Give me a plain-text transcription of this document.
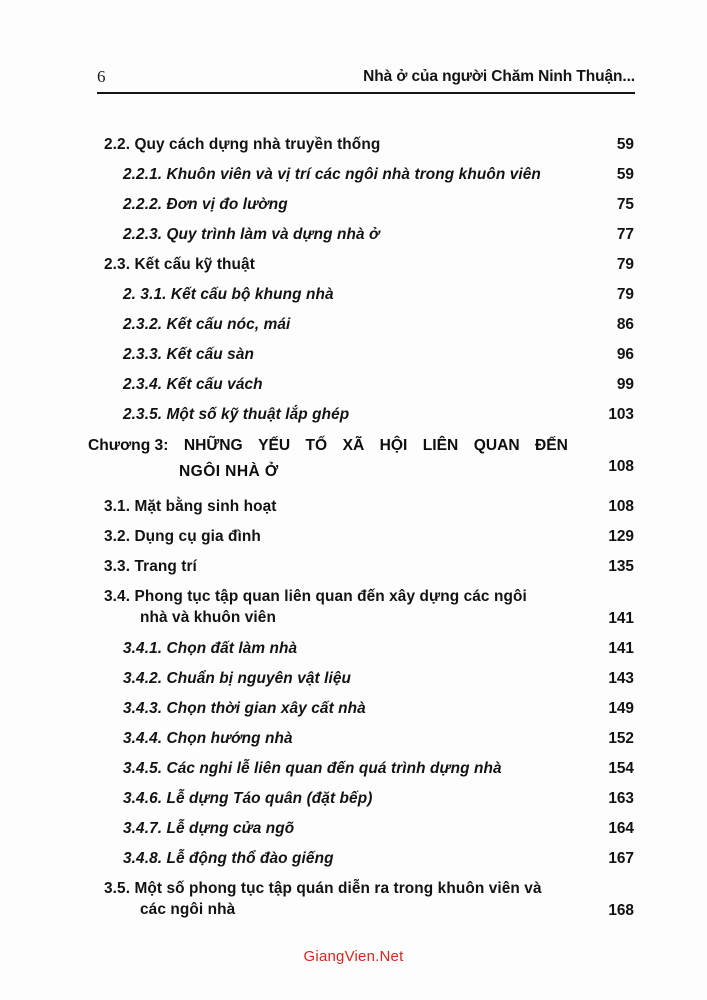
6	Nhà ở của người Chăm Ninh Thuận...
2.2. Quy cách dựng nhà truyền thống	59
2.2.1. Khuôn viên và vị trí các ngôi nhà trong khuôn viên	59
2.2.2. Đơn vị đo lường	75
2.2.3. Quy trình làm và dựng nhà ở	77
2.3. Kết cấu kỹ thuật	79
2. 3.1. Kết cấu bộ khung nhà	79
2.3.2. Kết cấu nóc, mái	86
2.3.3. Kết cấu sàn	96
2.3.4. Kết cấu vách	99
2.3.5. Một số kỹ thuật lắp ghép	103
Chương 3: NHỮNG YẾU TỐ XÃ HỘI LIÊN QUAN ĐẾN
NGÔI NHÀ Ở	108
3.1. Mặt bằng sinh hoạt	108
3.2. Dụng cụ gia đình	129
3.3. Trang trí	135
3.4. Phong tục tập quan liên quan đến xây dựng các ngôi
nhà và khuôn viên	141
3.4.1. Chọn đất làm nhà	141
3.4.2. Chuẩn bị nguyên vật liệu	143
3.4.3. Chọn thời gian xây cất nhà	149
3.4.4. Chọn hướng nhà	152
3.4.5. Các nghi lễ liên quan đến quá trình dựng nhà	154
3.4.6. Lễ dựng Táo quân (đặt bếp)	163
3.4.7. Lễ dựng cửa ngõ	164
3.4.8. Lễ động thổ đào giếng	167
3.5. Một số phong tục tập quán diễn ra trong khuôn viên và
các ngôi nhà	168
GiangVien.Net
